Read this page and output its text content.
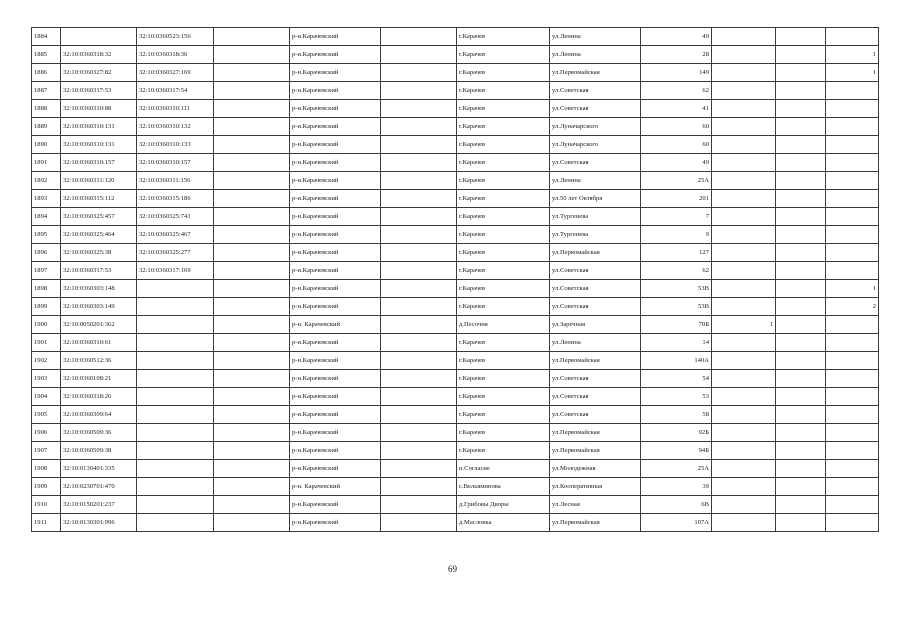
1884		32:10:0360523:156		р-н.Карачевский		г.Карачев	ул.Ленина	49			
1885	32:10:0360318:32	32:10:0360318:36		р-н.Карачевский		г.Карачев	ул.Ленина	28			1
1886	32:10:0360327:82	32:10:0360327:169		р-н.Карачевский		г.Карачев	ул.Первомайская	149			1
1887	32:10:0360317:53	32:10:0360317:54		р-н.Карачевский		г.Карачев	ул.Советская	62			
1888	32:10:0360310:88	32:10:0360310:111		р-н.Карачевский		г.Карачев	ул.Советская	41			
1889	32:10:0360310:131	32:10:0360310:132		р-н.Карачевский		г.Карачев	ул.Луначарского	60			
1890	32:10:0360310:131	32:10:0360310:133		р-н.Карачевский		г.Карачев	ул.Луначарского	60			
1891	32:10:0360310:157	32:10:0360310:157		р-н.Карачевский		г.Карачев	ул.Советская	49			
1892	32:10:0360311:120	32:10:0360311:156		р-н.Карачевский		г.Карачев	ул.Ленина	25А			
1893	32:10:0360315:112	32:10:0360315:186		р-н.Карачевский		г.Карачев	ул.50 лет Октября	201			
1894	32:10:0360325:457	32:10:0360325:741		р-н.Карачевский		г.Карачев	ул.Тургенева	7			
1895	32:10:0360325:464	32:10:0360325:467		р-н.Карачевский		г.Карачев	ул.Тургенева	9			
1896	32:10:0360325:38	32:10:0360325:277		р-н.Карачевский		г.Карачев	ул.Первомайская	127			
1897	32:10:0360317:53	32:10:0360317:169		р-н.Карачевский		г.Карачев	ул.Советская	62			
1898	32:10:0360303:148			р-н.Карачевский		г.Карачев	ул.Советская	53В			1
1899	32:10:0360303:149			р-н.Карачевский		г.Карачев	ул.Советская	53В			2
1900	32:10:0050201:362			р-н. Карачевский		д.Песочня	ул.Заречная	70Б	1		
1901	32:10:0360310:61			р-н.Карачевский		г.Карачев	ул.Ленина	14			
1902	32:10:0360512:36			р-н.Карачевский		г.Карачев	ул.Первомайская	140А			
1903	32:10:0360108:21			р-н.Карачевский		г.Карачев	ул.Советская	54			
1904	32:10:0360318:26			р-н.Карачевский		г.Карачев	ул.Советская	53			
1905	32:10:0360309:64			р-н.Карачевский		г.Карачев	ул.Советская	58			
1906	32:10:0360509:36			р-н.Карачевский		г.Карачев	ул.Первомайская	92Б			
1907	32:10:0360509:38			р-н.Карачевский		г.Карачев	ул.Первомайская	94Б			
1908	32:10:0130401:335			р-н.Карачевский		п.Согласие	ул.Молодежная	25А			
1909	32:10:0230701:470			р-н. Карачевский		с.Вельяминова	ул.Кооперативная	39			
1910	32:10:0150201:237			р-н.Карачевский		д.Грибовы Дворы	ул.Лесная	6В			
1911	32:10:0130301:996			р-н.Карачевский		д.Масловка	ул.Первомайская	107А			
69
